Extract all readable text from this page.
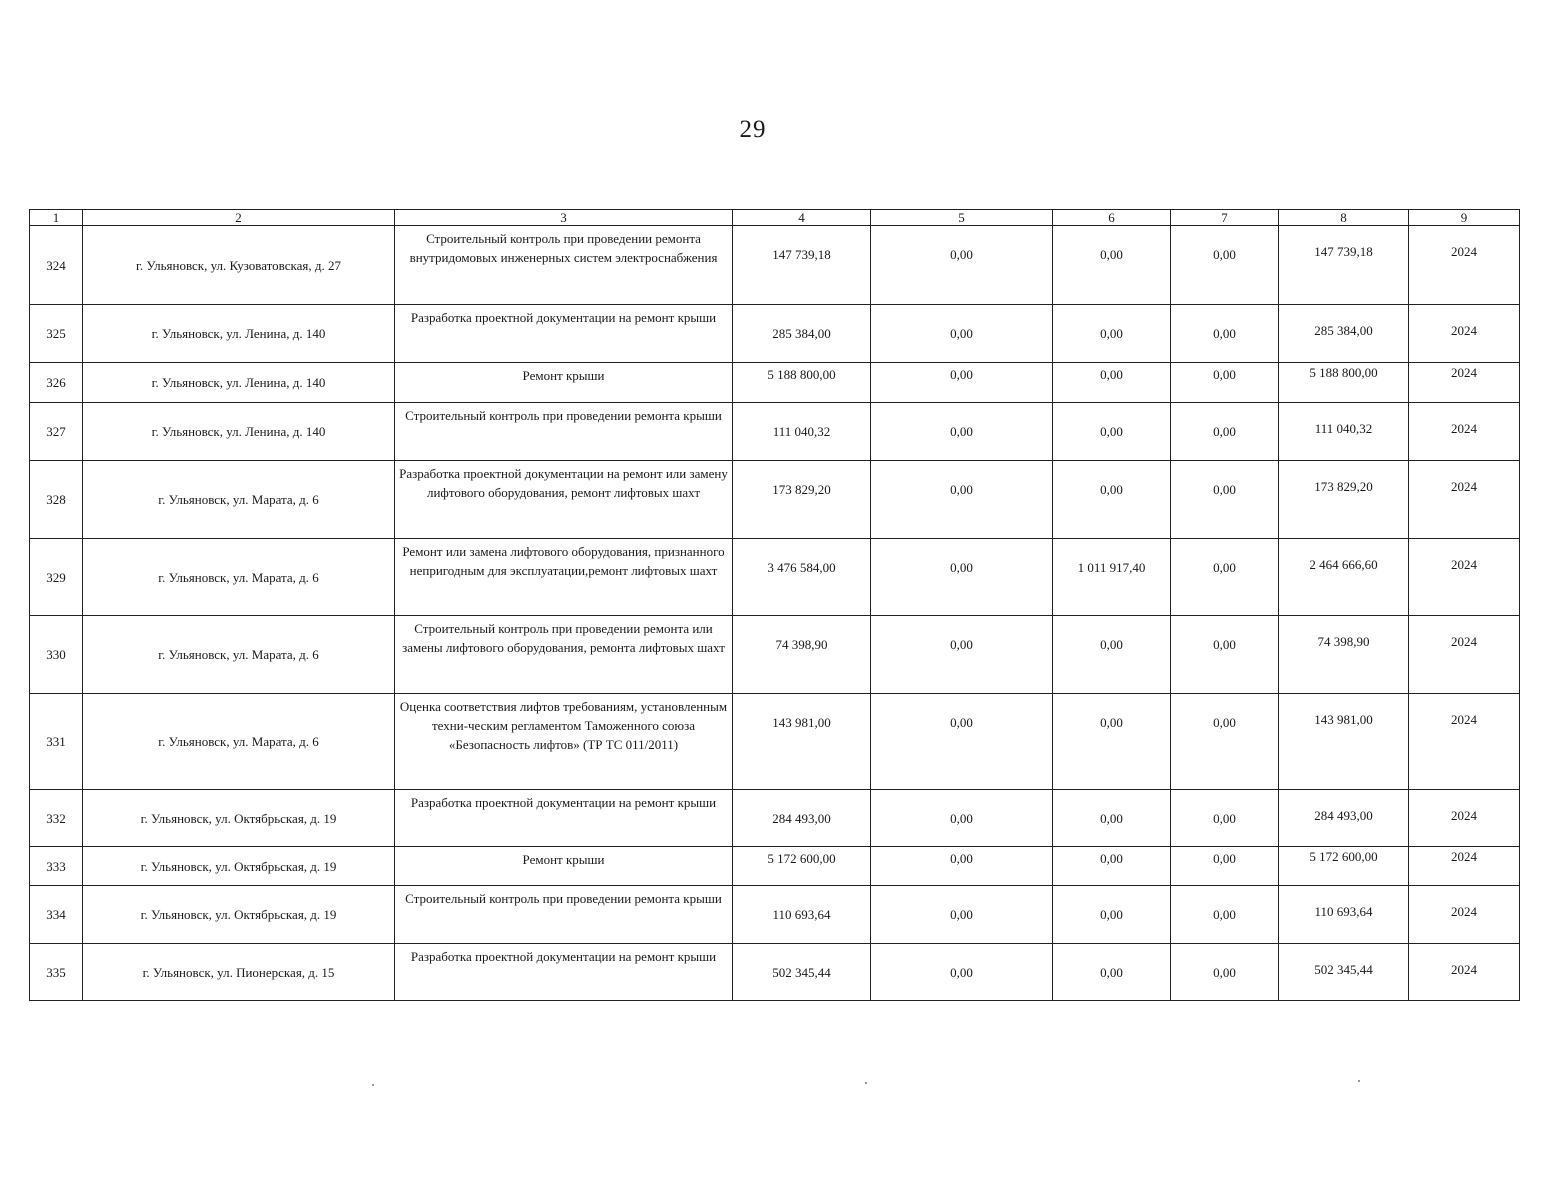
29
1	2	3	4	5	6	7	8	9
324	г. Ульяновск, ул. Кузоватовская, д. 27	Строительный контроль при проведении ремонта внутридомовых инженерных систем электроснабжения	147 739,18	0,00	0,00	0,00	147 739,18	2024
325	г. Ульяновск, ул. Ленина, д. 140	Разработка проектной документации на ремонт крыши	285 384,00	0,00	0,00	0,00	285 384,00	2024
326	г. Ульяновск, ул. Ленина, д. 140	Ремонт крыши	5 188 800,00	0,00	0,00	0,00	5 188 800,00	2024
327	г. Ульяновск, ул. Ленина, д. 140	Строительный контроль при проведении ремонта крыши	111 040,32	0,00	0,00	0,00	111 040,32	2024
328	г. Ульяновск, ул. Марата, д. 6	Разработка проектной документации на ремонт или замену лифтового оборудования, ремонт лифтовых шахт	173 829,20	0,00	0,00	0,00	173 829,20	2024
329	г. Ульяновск, ул. Марата, д. 6	Ремонт или замена лифтового оборудования, признанного непригодным для эксплуатации,ремонт лифтовых шахт	3 476 584,00	0,00	1 011 917,40	0,00	2 464 666,60	2024
330	г. Ульяновск, ул. Марата, д. 6	Строительный контроль при проведении ремонта или замены лифтового оборудования, ремонта лифтовых шахт	74 398,90	0,00	0,00	0,00	74 398,90	2024
331	г. Ульяновск, ул. Марата, д. 6	Оценка соответствия лифтов требованиям, установленным техни-ческим регламентом Таможенного союза «Безопасность лифтов» (ТР ТС 011/2011)	143 981,00	0,00	0,00	0,00	143 981,00	2024
332	г. Ульяновск, ул. Октябрьская, д. 19	Разработка проектной документации на ремонт крыши	284 493,00	0,00	0,00	0,00	284 493,00	2024
333	г. Ульяновск, ул. Октябрьская, д. 19	Ремонт крыши	5 172 600,00	0,00	0,00	0,00	5 172 600,00	2024
334	г. Ульяновск, ул. Октябрьская, д. 19	Строительный контроль при проведении ремонта крыши	110 693,64	0,00	0,00	0,00	110 693,64	2024
335	г. Ульяновск, ул. Пионерская, д. 15	Разработка проектной документации на ремонт крыши	502 345,44	0,00	0,00	0,00	502 345,44	2024
